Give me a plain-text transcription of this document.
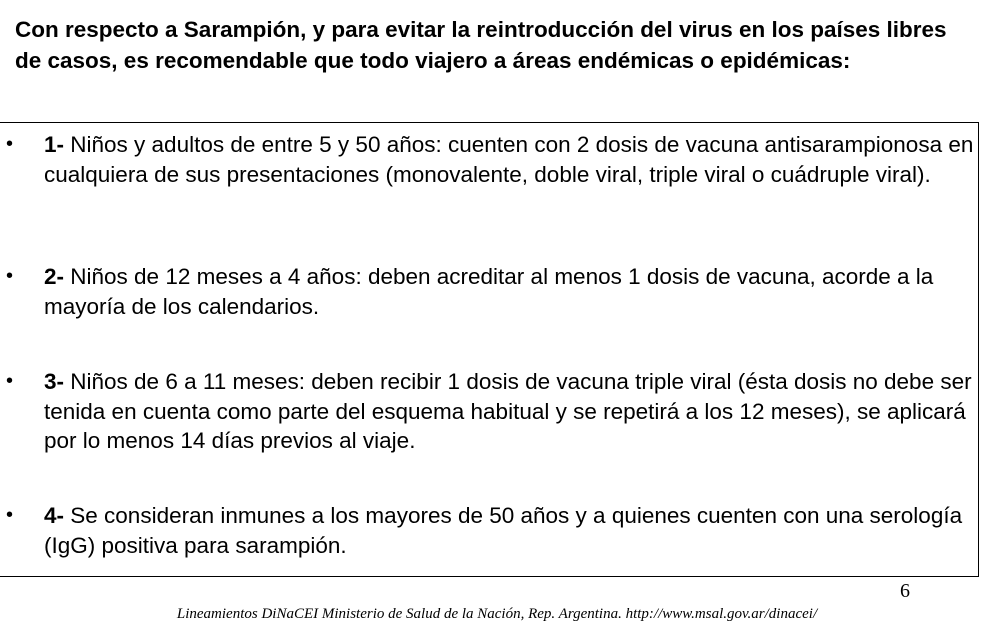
Con respecto a Sarampión, y para evitar la reintroducción del virus en los países libres de casos, es recomendable que todo viajero a áreas endémicas o epidémicas:
• 1- Niños y adultos de entre 5 y 50 años: cuenten con 2 dosis de vacuna antisarampionosa en cualquiera de sus presentaciones (monovalente, doble viral, triple viral o cuádruple viral).
• 2- Niños de 12 meses a 4 años: deben acreditar al menos 1 dosis de vacuna, acorde a la mayoría de los calendarios.
• 3- Niños de 6 a 11 meses: deben recibir 1 dosis de vacuna triple viral (ésta dosis no debe ser tenida en cuenta como parte del esquema habitual y se repetirá a los 12 meses), se aplicará por lo menos 14 días previos al viaje.
• 4- Se consideran inmunes a los mayores de 50 años y a quienes cuenten con una serología (IgG) positiva para sarampión.
6
Lineamientos DiNaCEI Ministerio de Salud de la Nación, Rep. Argentina. http://www.msal.gov.ar/dinacei/
